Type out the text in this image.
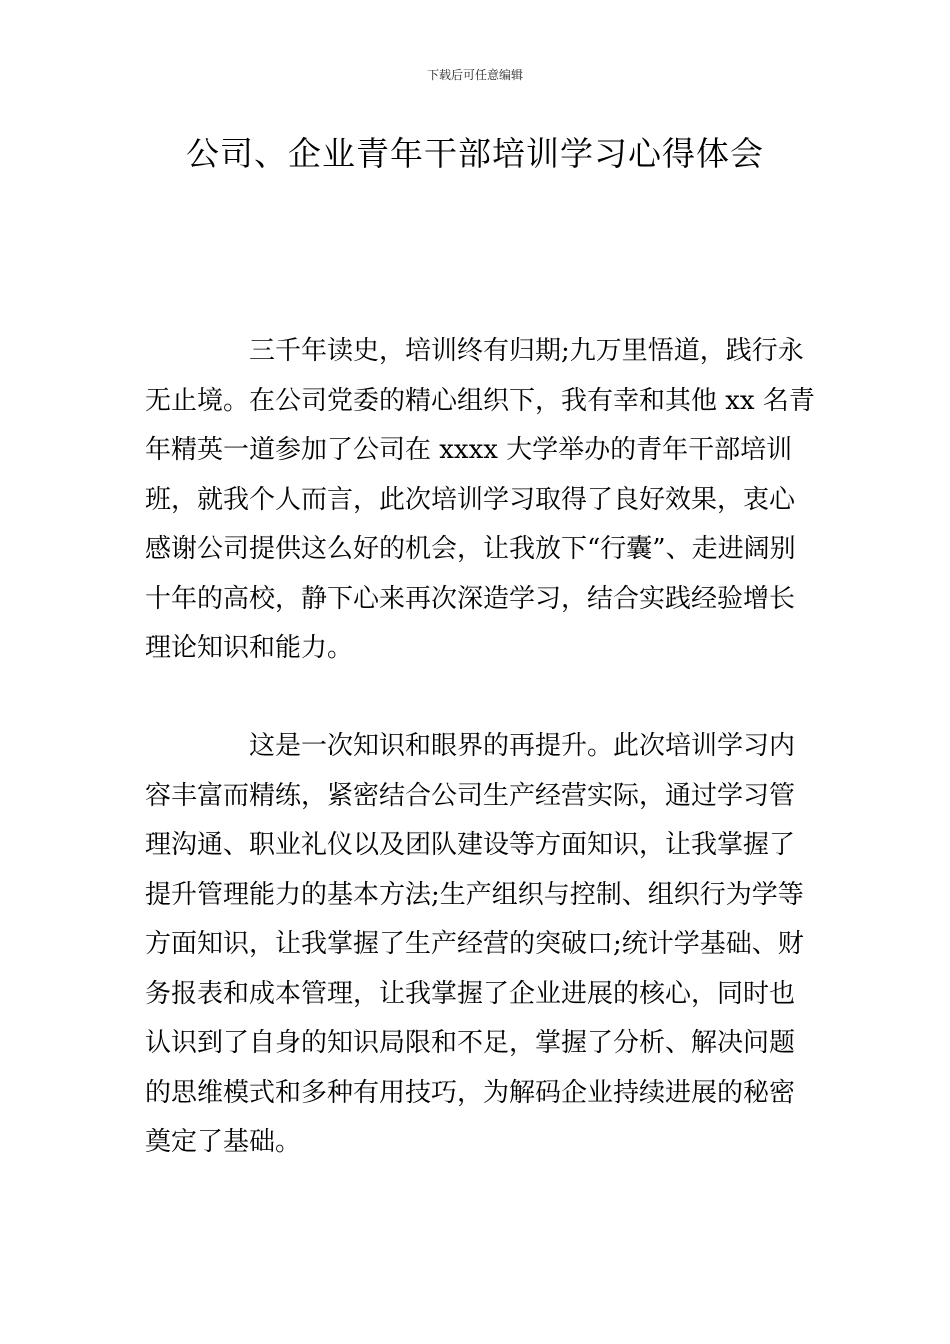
下载后可任意编辑
公司、企业青年干部培训学习心得体会

三千年读史，培训终有归期;九万里悟道，践行永无止境。在公司党委的精心组织下，我有幸和其他 xx 名青年精英一道参加了公司在 xxxx 大学举办的青年干部培训班，就我个人而言，此次培训学习取得了良好效果，衷心感谢公司提供这么好的机会，让我放下“行囊”、走进阔别十年的高校，静下心来再次深造学习，结合实践经验增长理论知识和能力。

这是一次知识和眼界的再提升。此次培训学习内容丰富而精练，紧密结合公司生产经营实际，通过学习管理沟通、职业礼仪以及团队建设等方面知识，让我掌握了提升管理能力的基本方法;生产组织与控制、组织行为学等方面知识，让我掌握了生产经营的突破口;统计学基础、财务报表和成本管理，让我掌握了企业进展的核心，同时也认识到了自身的知识局限和不足，掌握了分析、解决问题的思维模式和多种有用技巧，为解码企业持续进展的秘密奠定了基础。
